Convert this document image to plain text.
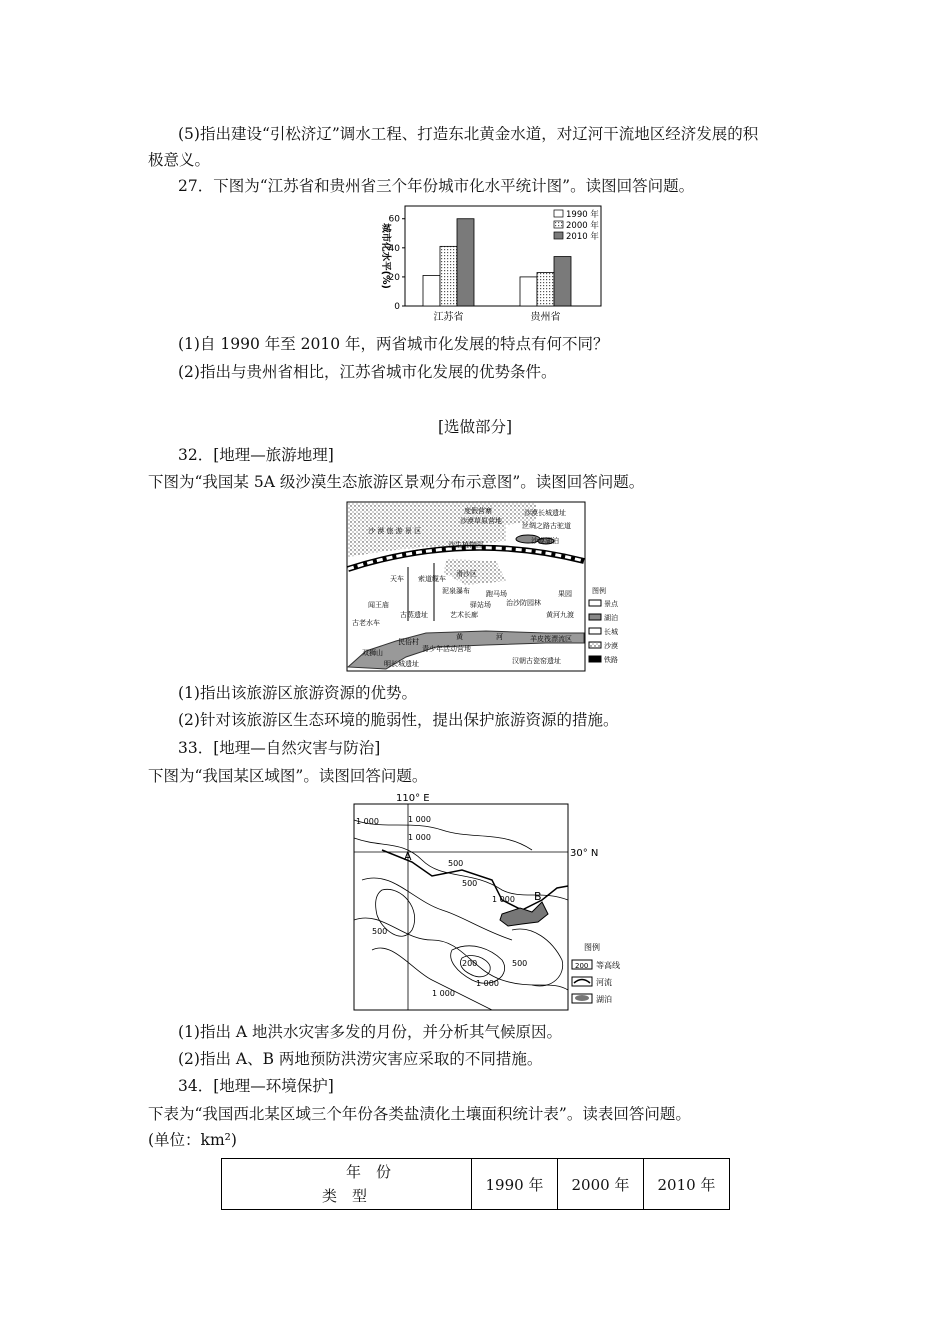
(5)指出建设“引松济辽”调水工程、打造东北黄金水道，对辽河干流地区经济发展的积
极意义。
27．下图为“江苏省和贵州省三个年份城市化水平统计图”。读图回答问题。
城市化水平(%)
0
20
40
60
江苏省	贵州省
1990 年
2000 年
2010 年
(1)自 1990 年至 2010 年，两省城市化发展的特点有何不同？
(2)指出与贵州省相比，江苏省城市化发展的优势条件。
[选做部分]
32．[地理—旅游地理]
下图为“我国某 5A 级沙漠生态旅游区景观分布示意图”。读图回答问题。
度假营寨
沙漠草原营地
沙漠长城遗址
丝绸之路古驼道
沙漠湖泊
沙 漠 旅 游 景 区
沙生植物园
天车 索道缆车
滑沙区
泥泉瀑布 跑马场
驿站场 治沙防园林
果园
黄河九渡
闻王庙
古蒸遗址	艺术长廊
古老水车
民俗村
双狮山	青少年活动营地
明长城遗址	汉朝古瓷窑遗址
羊皮筏漂流区
黄	河
图例
景点
湖泊
长城
沙漠
铁路
(1)指出该旅游区旅游资源的优势。
(2)针对该旅游区生态环境的脆弱性，提出保护旅游资源的措施。
33．[地理—自然灾害与防治]
下图为“我国某区域图”。读图回答问题。
110° E
30° N
1 000	1 000
1 000
500
500
1 000
500
200
1 000
1 000
500
A
B
图例
200 等高线
河流
湖泊
(1)指出 A 地洪水灾害多发的月份，并分析其气候原因。
(2)指出 A、B 两地预防洪涝灾害应采取的不同措施。
34．[地理—环境保护]
下表为“我国西北某区域三个年份各类盐渍化土壤面积统计表”。读表回答问题。
(单位：km²)
年　份
类　型
	1990 年	2000 年	2010 年
